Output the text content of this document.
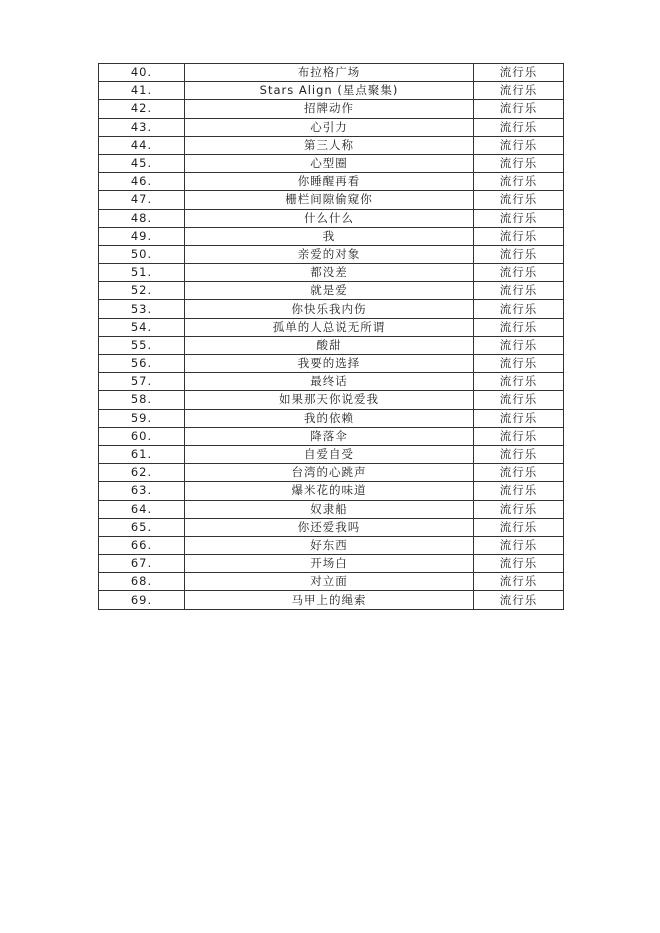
40.	布拉格广场	流行乐
41.	Stars Align (星点聚集)	流行乐
42.	招牌动作	流行乐
43.	心引力	流行乐
44.	第三人称	流行乐
45.	心型圈	流行乐
46.	你睡醒再看	流行乐
47.	栅栏间隙偷窥你	流行乐
48.	什么什么	流行乐
49.	我	流行乐
50.	亲爱的对象	流行乐
51.	都没差	流行乐
52.	就是爱	流行乐
53.	你快乐我内伤	流行乐
54.	孤单的人总说无所谓	流行乐
55.	酸甜	流行乐
56.	我要的选择	流行乐
57.	最终话	流行乐
58.	如果那天你说爱我	流行乐
59.	我的依赖	流行乐
60.	降落伞	流行乐
61.	自爱自受	流行乐
62.	台湾的心跳声	流行乐
63.	爆米花的味道	流行乐
64.	奴隶船	流行乐
65.	你还爱我吗	流行乐
66.	好东西	流行乐
67.	开场白	流行乐
68.	对立面	流行乐
69.	马甲上的绳索	流行乐
